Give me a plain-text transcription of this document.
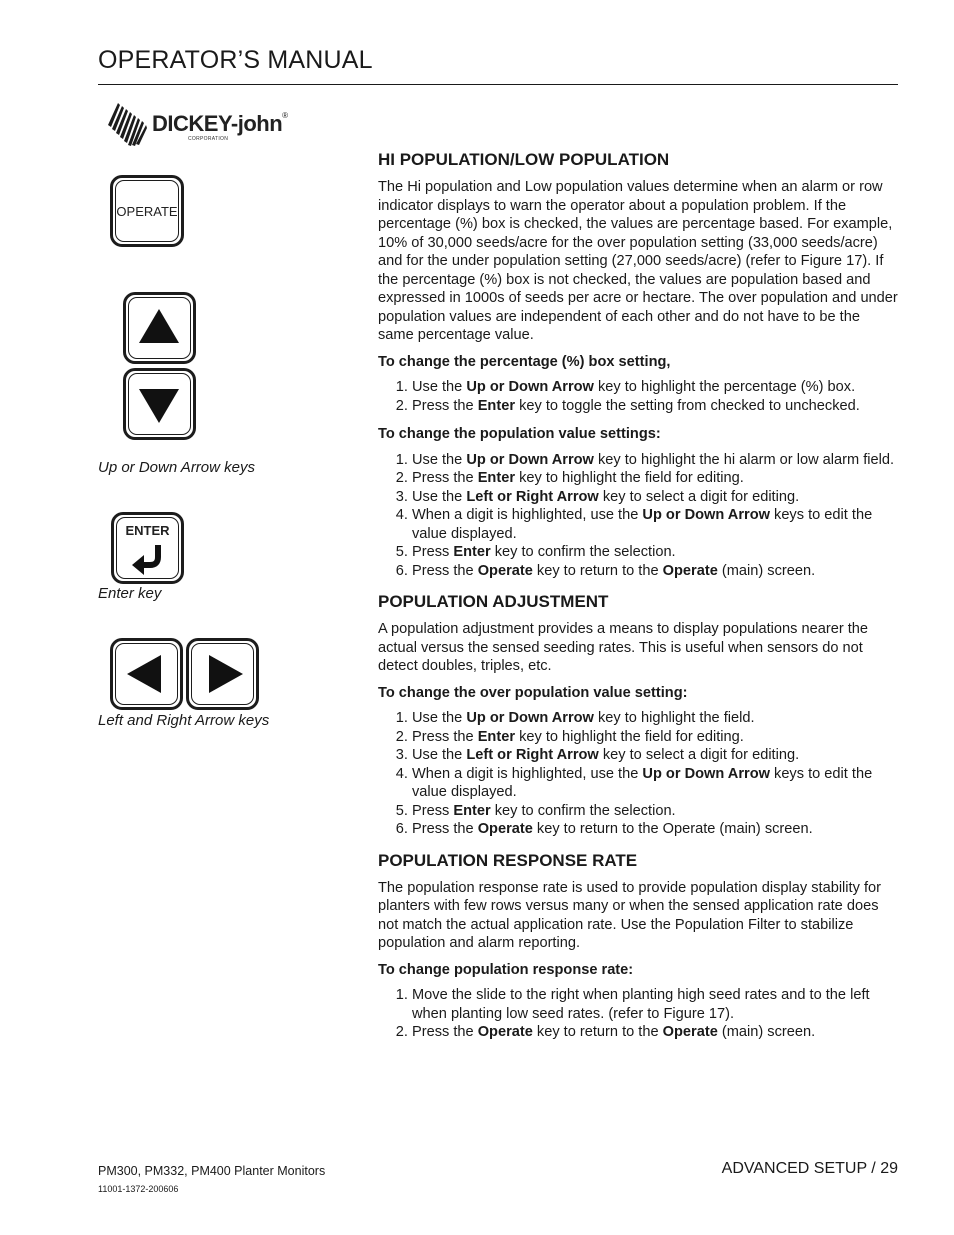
OPERATOR’S MANUAL
DICKEY-john®
CORPORATION
OPERATE
Up or Down Arrow keys
ENTER
Enter key
Left and Right Arrow keys
HI POPULATION/LOW POPULATION

The Hi population and Low population values determine when an alarm or row indicator displays to warn the operator about a population problem. If the percentage (%) box is checked, the values are percentage based. For example, 10% of 30,000 seeds/acre for the over population setting (33,000 seeds/acre) and for the under population setting (27,000 seeds/acre) (refer to Figure 17). If the percentage (%) box is not checked, the values are population based and expressed in 1000s of seeds per acre or hectare. The over population and under population values are independent of each other and do not have to be the same percentage value.

To change the percentage (%) box setting,

1. Use the Up or Down Arrow key to highlight the percentage (%) box.
2. Press the Enter key to toggle the setting from checked to unchecked.

To change the population value settings:

1. Use the Up or Down Arrow key to highlight the hi alarm or low alarm field.
2. Press the Enter key to highlight the field for editing.
3. Use the Left or Right Arrow key to select a digit for editing.
4. When a digit is highlighted, use the Up or Down Arrow keys to edit the value displayed.
5. Press Enter key to confirm the selection.
6. Press the Operate key to return to the Operate (main) screen.
POPULATION ADJUSTMENT

A population adjustment provides a means to display populations nearer the actual versus the sensed seeding rates. This is useful when sensors do not detect doubles, triples, etc.

To change the over population value setting:

1. Use the Up or Down Arrow key to highlight the field.
2. Press the Enter key to highlight the field for editing.
3. Use the Left or Right Arrow key to select a digit for editing.
4. When a digit is highlighted, use the Up or Down Arrow keys to edit the value displayed.
5. Press Enter key to confirm the selection.
6. Press the Operate key to return to the Operate (main) screen.
POPULATION RESPONSE RATE

The population response rate is used to provide population display stability for planters with few rows versus many or when the sensed application rate does not match the actual application rate. Use the Population Filter to stabilize population and alarm reporting.

To change population response rate:

1. Move the slide to the right when planting high seed rates and to the left when planting low seed rates. (refer to Figure 17).
2. Press the Operate key to return to the Operate (main) screen.
PM300, PM332, PM400 Planter Monitors
11001-1372-200606
ADVANCED SETUP / 29
